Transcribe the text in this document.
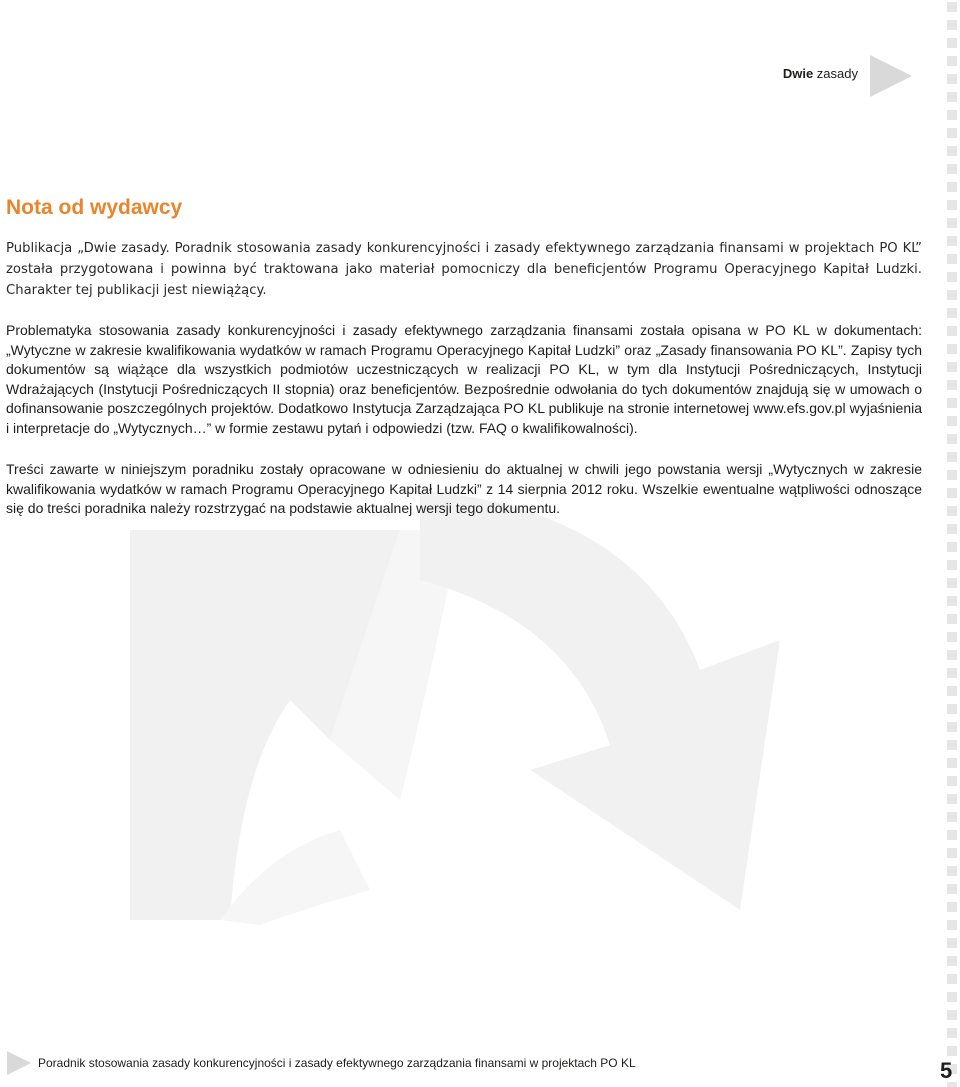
Dwie zasady
Nota od wydawcy

Publikacja „Dwie zasady. Poradnik stosowania zasady konkurencyjności i zasady efektywnego zarządzania finansami w projektach PO KL” została przygotowana i powinna być traktowana jako materiał pomocniczy dla beneficjentów Programu Operacyjnego Kapitał Ludzki. Charakter tej publikacji jest niewiążący.

Problematyka stosowania zasady konkurencyjności i zasady efektywnego zarządzania finansami została opisana w PO KL w dokumentach: „Wytyczne w zakresie kwalifikowania wydatków w ramach Programu Operacyjnego Kapitał Ludzki” oraz „Zasady finansowania PO KL”. Zapisy tych dokumentów są wiążące dla wszystkich podmiotów uczestniczących w realizacji PO KL, w tym dla Instytucji Pośredniczących, Instytucji Wdrażających (Instytucji Pośredniczących II stopnia) oraz beneficjentów. Bezpośrednie odwołania do tych dokumentów znajdują się w umowach o dofinansowanie poszczególnych projektów. Dodatkowo Instytucja Zarządzająca PO KL publikuje na stronie internetowej www.efs.gov.pl wyjaśnienia i interpretacje do „Wytycznych…” w formie zestawu pytań i odpowiedzi (tzw. FAQ o kwalifikowalności).

Treści zawarte w niniejszym poradniku zostały opracowane w odniesieniu do aktualnej w chwili jego powstania wersji „Wytycznych w zakresie kwalifikowania wydatków w ramach Programu Operacyjnego Kapitał Ludzki” z 14 sierpnia 2012 roku. Wszelkie ewentualne wątpliwości odnoszące się do treści poradnika należy rozstrzygać na podstawie aktualnej wersji tego dokumentu.

Poradnik stosowania zasady konkurencyjności i zasady efektywnego zarządzania finansami w projektach PO KL	5
